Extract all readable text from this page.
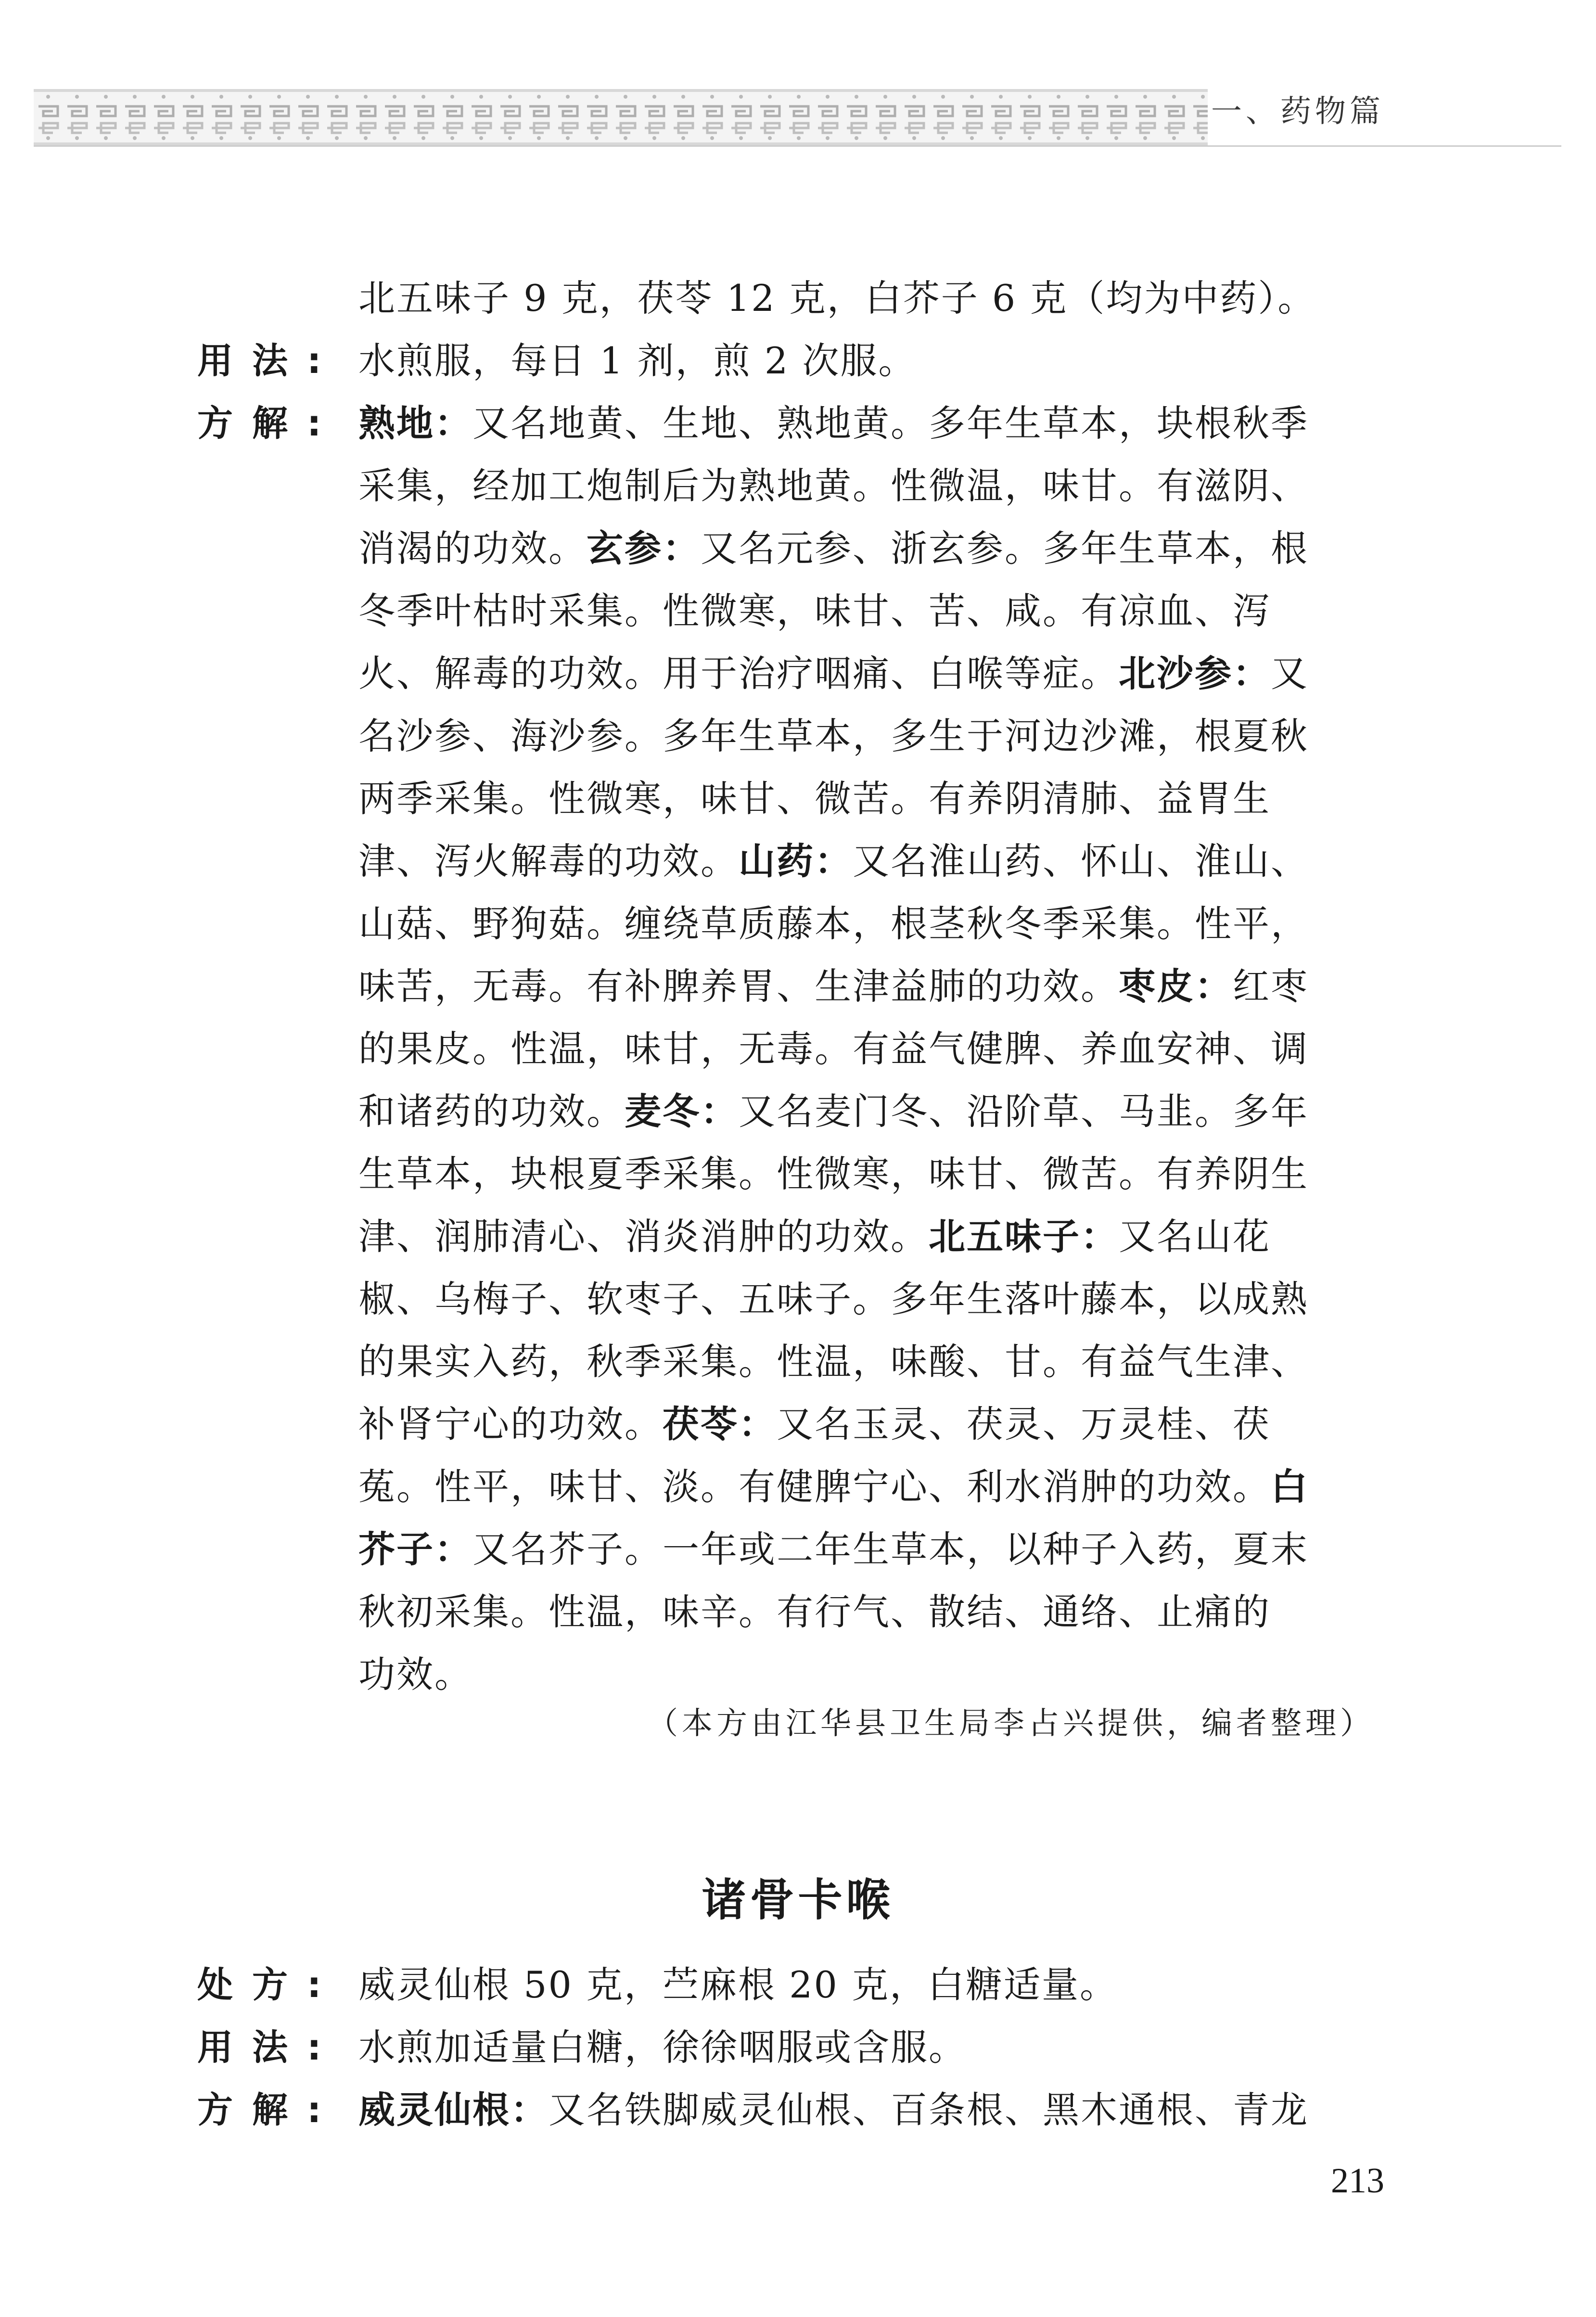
一、药物篇
北五味子 9 克，茯苓 12 克，白芥子 6 克（均为中药）。
用法: 水煎服，每日 1 剂，煎 2 次服。
方解: 熟地：又名地黄、生地、熟地黄。多年生草本，块根秋季

采集，经加工炮制后为熟地黄。性微温，味甘。有滋阴、

消渴的功效。玄参：又名元参、浙玄参。多年生草本，根

冬季叶枯时采集。性微寒，味甘、苦、咸。有凉血、泻

火、解毒的功效。用于治疗咽痛、白喉等症。北沙参：又

名沙参、海沙参。多年生草本，多生于河边沙滩，根夏秋

两季采集。性微寒，味甘、微苦。有养阴清肺、益胃生

津、泻火解毒的功效。山药：又名淮山药、怀山、淮山、

山菇、野狗菇。缠绕草质藤本，根茎秋冬季采集。性平，

味苦，无毒。有补脾养胃、生津益肺的功效。枣皮：红枣

的果皮。性温，味甘，无毒。有益气健脾、养血安神、调

和诸药的功效。麦冬：又名麦门冬、沿阶草、马韭。多年

生草本，块根夏季采集。性微寒，味甘、微苦。有养阴生

津、润肺清心、消炎消肿的功效。北五味子：又名山花

椒、乌梅子、软枣子、五味子。多年生落叶藤本，以成熟

的果实入药，秋季采集。性温，味酸、甘。有益气生津、

补肾宁心的功效。茯苓：又名玉灵、茯灵、万灵桂、茯

菟。性平，味甘、淡。有健脾宁心、利水消肿的功效。白

芥子：又名芥子。一年或二年生草本，以种子入药，夏末

秋初采集。性温，味辛。有行气、散结、通络、止痛的

功效。

（本方由江华县卫生局李占兴提供，编者整理）
诸骨卡喉
处方: 威灵仙根 50 克，苎麻根 20 克，白糖适量。
用法: 水煎加适量白糖，徐徐咽服或含服。
方解: 威灵仙根：又名铁脚威灵仙根、百条根、黑木通根、青龙
213
